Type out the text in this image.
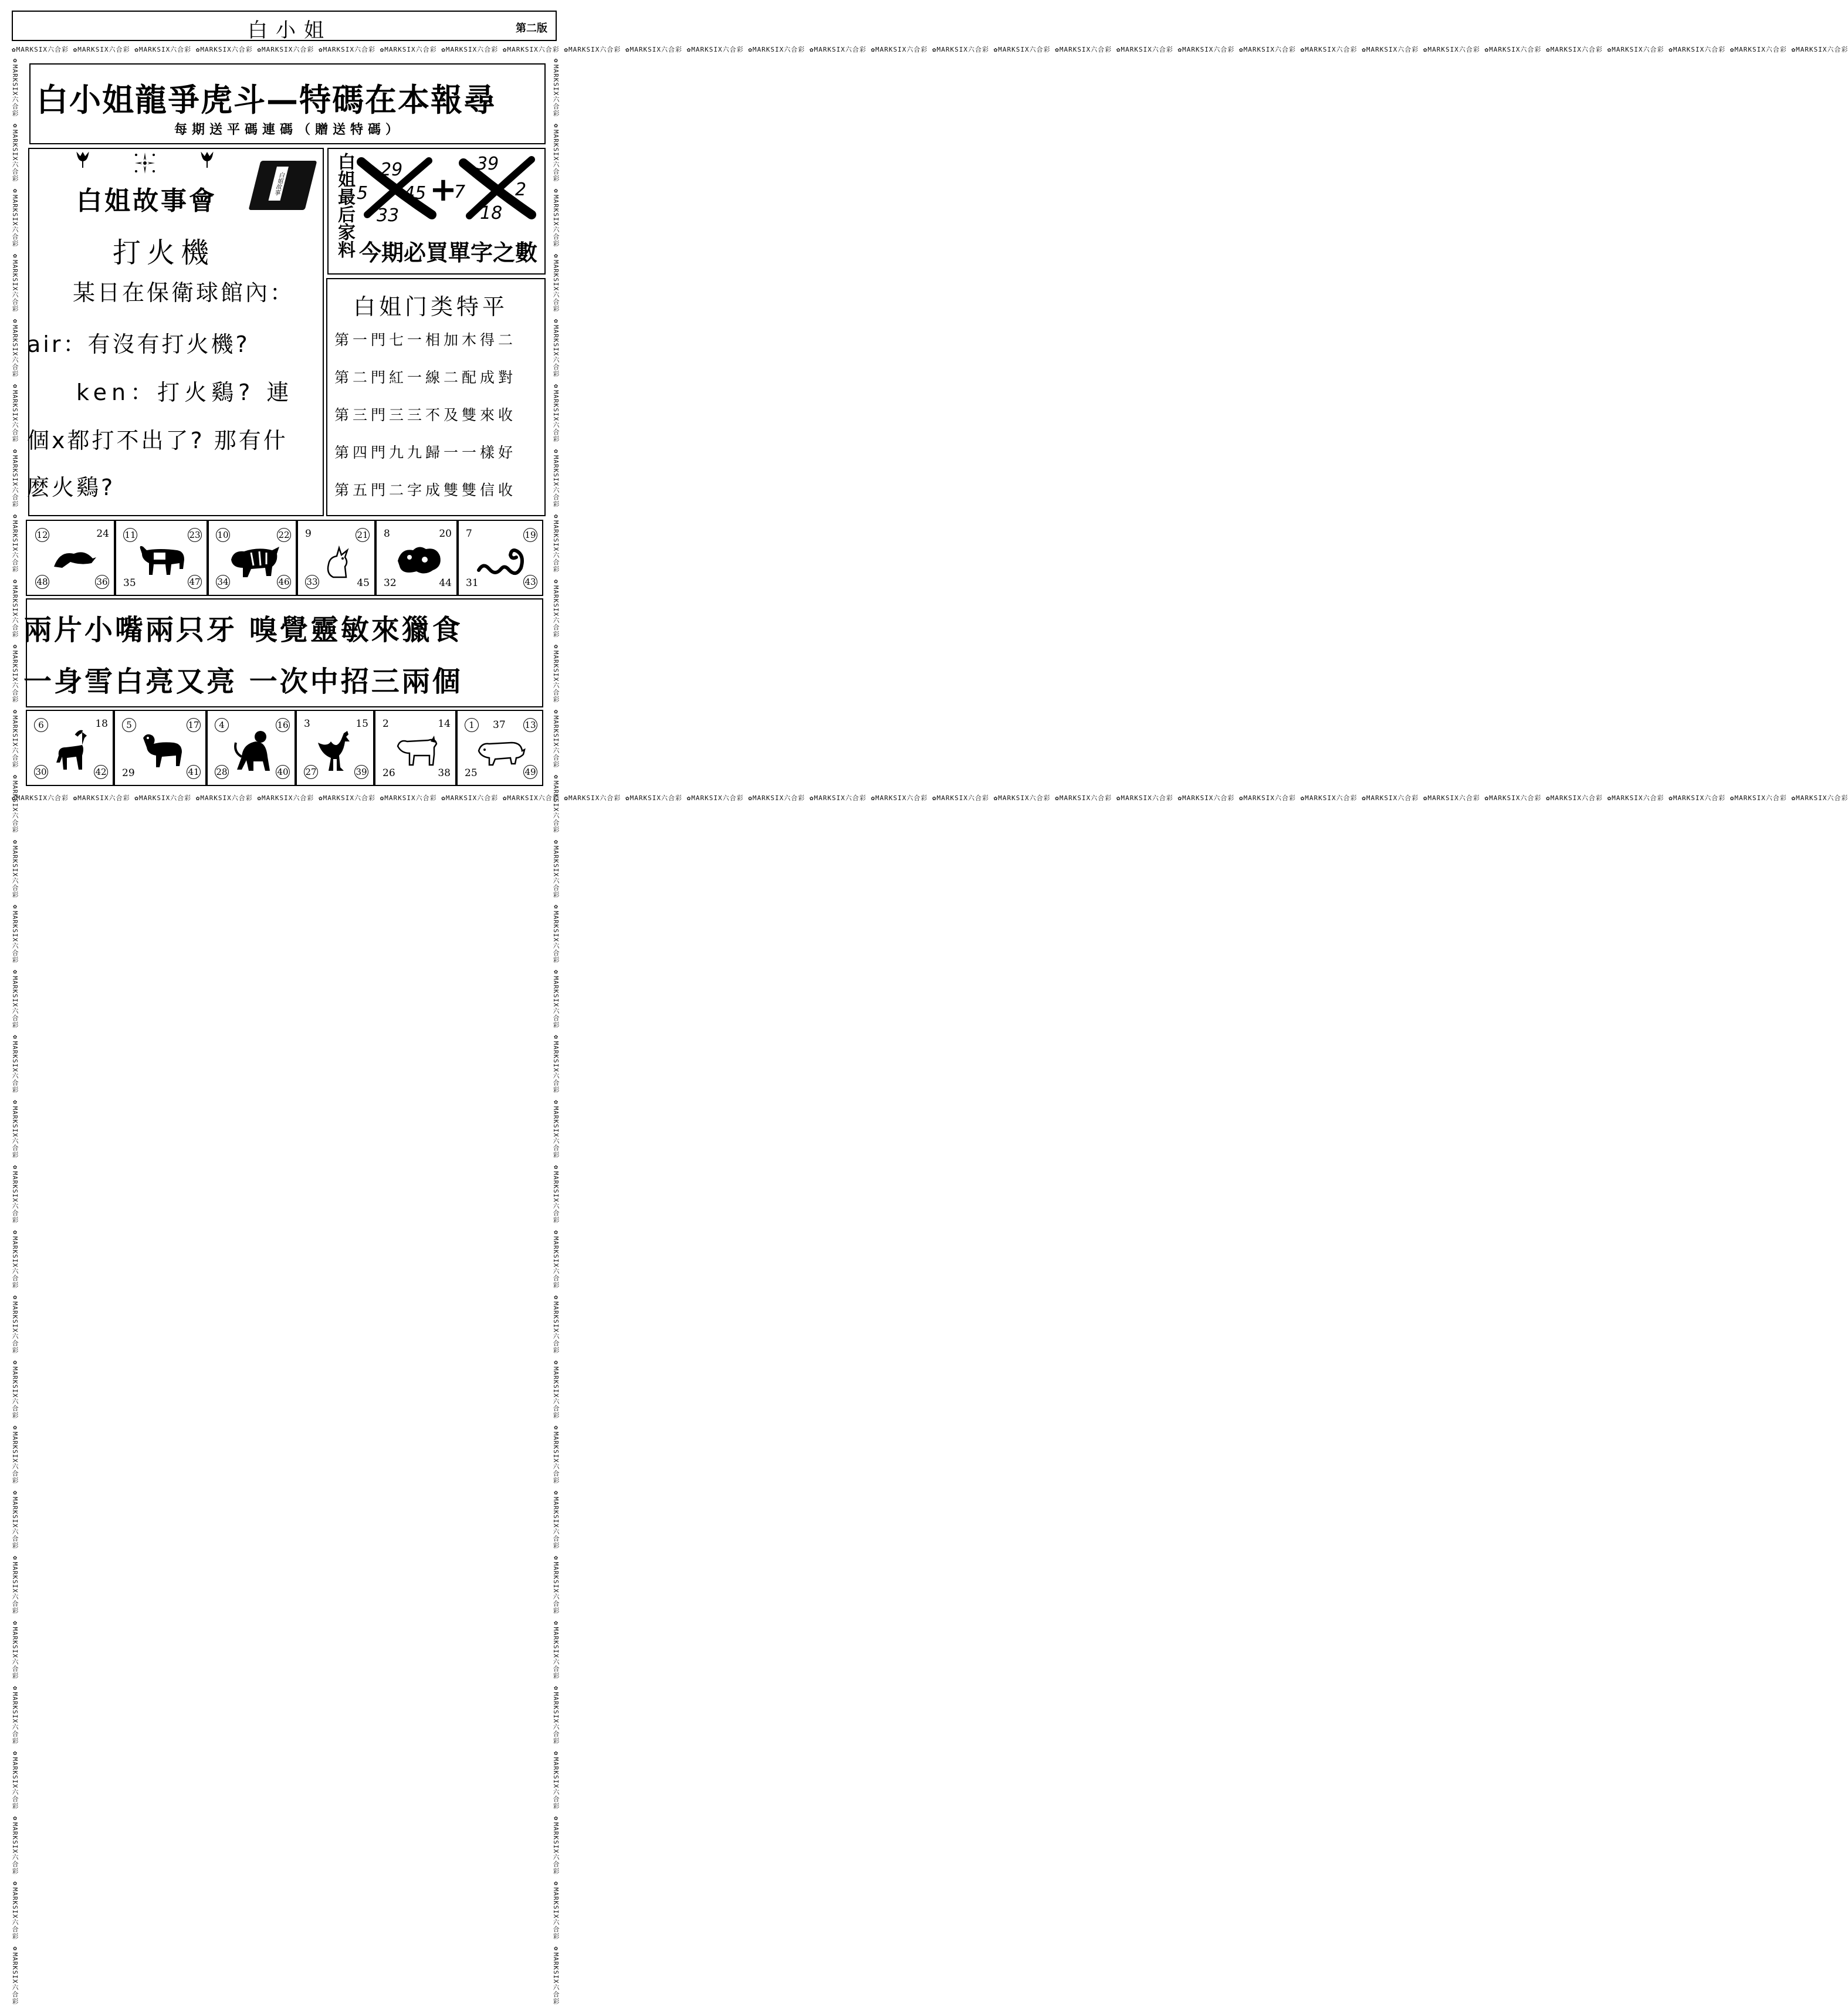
白小姐	第二版
✿MARKSIX六合彩 ✿MARKSIX六合彩 ✿MARKSIX六合彩 ✿MARKSIX六合彩 ✿MARKSIX六合彩 ✿MARKSIX六合彩 ✿MARKSIX六合彩 ✿MARKSIX六合彩 ✿MARKSIX六合彩 ✿MARKSIX六合彩 ✿MARKSIX六合彩 ✿MARKSIX六合彩 ✿MARKSIX六合彩 ✿MARKSIX六合彩 ✿MARKSIX六合彩 ✿MARKSIX六合彩 ✿MARKSIX六合彩 ✿MARKSIX六合彩 ✿MARKSIX六合彩 ✿MARKSIX六合彩 ✿MARKSIX六合彩 ✿MARKSIX六合彩 ✿MARKSIX六合彩 ✿MARKSIX六合彩 ✿MARKSIX六合彩 ✿MARKSIX六合彩 ✿MARKSIX六合彩 ✿MARKSIX六合彩 ✿MARKSIX六合彩 ✿MARKSIX六合彩
✿MARKSIX六合彩 ✿MARKSIX六合彩 ✿MARKSIX六合彩 ✿MARKSIX六合彩 ✿MARKSIX六合彩 ✿MARKSIX六合彩 ✿MARKSIX六合彩 ✿MARKSIX六合彩 ✿MARKSIX六合彩 ✿MARKSIX六合彩 ✿MARKSIX六合彩 ✿MARKSIX六合彩 ✿MARKSIX六合彩 ✿MARKSIX六合彩 ✿MARKSIX六合彩 ✿MARKSIX六合彩 ✿MARKSIX六合彩 ✿MARKSIX六合彩 ✿MARKSIX六合彩 ✿MARKSIX六合彩 ✿MARKSIX六合彩 ✿MARKSIX六合彩 ✿MARKSIX六合彩 ✿MARKSIX六合彩 ✿MARKSIX六合彩 ✿MARKSIX六合彩 ✿MARKSIX六合彩 ✿MARKSIX六合彩 ✿MARKSIX六合彩 ✿MARKSIX六合彩
✿MARKSIX六合彩 ✿MARKSIX六合彩 ✿MARKSIX六合彩 ✿MARKSIX六合彩 ✿MARKSIX六合彩 ✿MARKSIX六合彩 ✿MARKSIX六合彩 ✿MARKSIX六合彩 ✿MARKSIX六合彩 ✿MARKSIX六合彩 ✿MARKSIX六合彩 ✿MARKSIX六合彩 ✿MARKSIX六合彩 ✿MARKSIX六合彩 ✿MARKSIX六合彩 ✿MARKSIX六合彩 ✿MARKSIX六合彩 ✿MARKSIX六合彩 ✿MARKSIX六合彩 ✿MARKSIX六合彩 ✿MARKSIX六合彩 ✿MARKSIX六合彩 ✿MARKSIX六合彩 ✿MARKSIX六合彩 ✿MARKSIX六合彩 ✿MARKSIX六合彩 ✿MARKSIX六合彩 ✿MARKSIX六合彩 ✿MARKSIX六合彩 ✿MARKSIX六合彩	✿MARKSIX六合彩 ✿MARKSIX六合彩 ✿MARKSIX六合彩 ✿MARKSIX六合彩 ✿MARKSIX六合彩 ✿MARKSIX六合彩 ✿MARKSIX六合彩 ✿MARKSIX六合彩 ✿MARKSIX六合彩 ✿MARKSIX六合彩 ✿MARKSIX六合彩 ✿MARKSIX六合彩 ✿MARKSIX六合彩 ✿MARKSIX六合彩 ✿MARKSIX六合彩 ✿MARKSIX六合彩 ✿MARKSIX六合彩 ✿MARKSIX六合彩 ✿MARKSIX六合彩 ✿MARKSIX六合彩 ✿MARKSIX六合彩 ✿MARKSIX六合彩 ✿MARKSIX六合彩 ✿MARKSIX六合彩 ✿MARKSIX六合彩 ✿MARKSIX六合彩 ✿MARKSIX六合彩 ✿MARKSIX六合彩 ✿MARKSIX六合彩 ✿MARKSIX六合彩
白小姐龍爭虎斗—特碼在本報尋
每期送平碼連碼（贈送特碼）
白姐故事會
白姐故事
打火機
某日在保衛球館內：
air：有沒有打火機?
ken：打火鷄? 連
個x都打不出了? 那有什
麽火鷄?
白姐最后家料 29
5 45
33
+
39
7	2
18
今期必買單字之數
白姐门类特平
第一門七一相加木得二
第二門紅一線二配成對
第三門三三不及雙來收
第四門九九歸一一樣好
第五門二字成雙雙信收
12	24
48	36
11	23
35	47
10	22
34	46
9	21
33	45
8	20
32	44
7	19
31	43
兩片小嘴兩只牙 嗅覺靈敏來獵食
一身雪白亮又亮 一次中招三兩個
6	18
30	42
5	17
29	41
4	16
28	40
3	15
27	39
2	14
26	38
1	37
25	49
13
